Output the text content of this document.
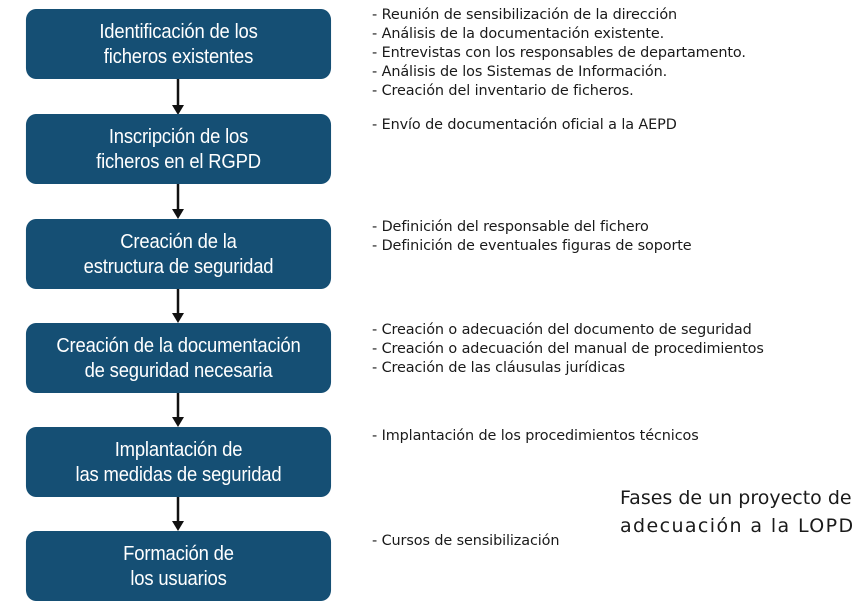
Identificación de los
ficheros existentes
Inscripción de los
ficheros en el RGPD
Creación de la
estructura de seguridad
Creación de la documentación
de seguridad necesaria
Implantación de
las medidas de seguridad
Formación de
los usuarios
- Reunión de sensibilización de la dirección
- Análisis de la documentación existente.
- Entrevistas con los responsables de departamento.
- Análisis de los Sistemas de Información.
- Creación del inventario de ficheros.
- Envío de documentación oficial a la AEPD
- Definición del responsable del fichero
- Definición de eventuales figuras de soporte
- Creación o adecuación del documento de seguridad
- Creación o adecuación del manual de procedimientos
- Creación de las cláusulas jurídicas
- Implantación de los procedimientos técnicos
- Cursos de sensibilización

Fases de un proyecto de
adecuación a la LOPD
